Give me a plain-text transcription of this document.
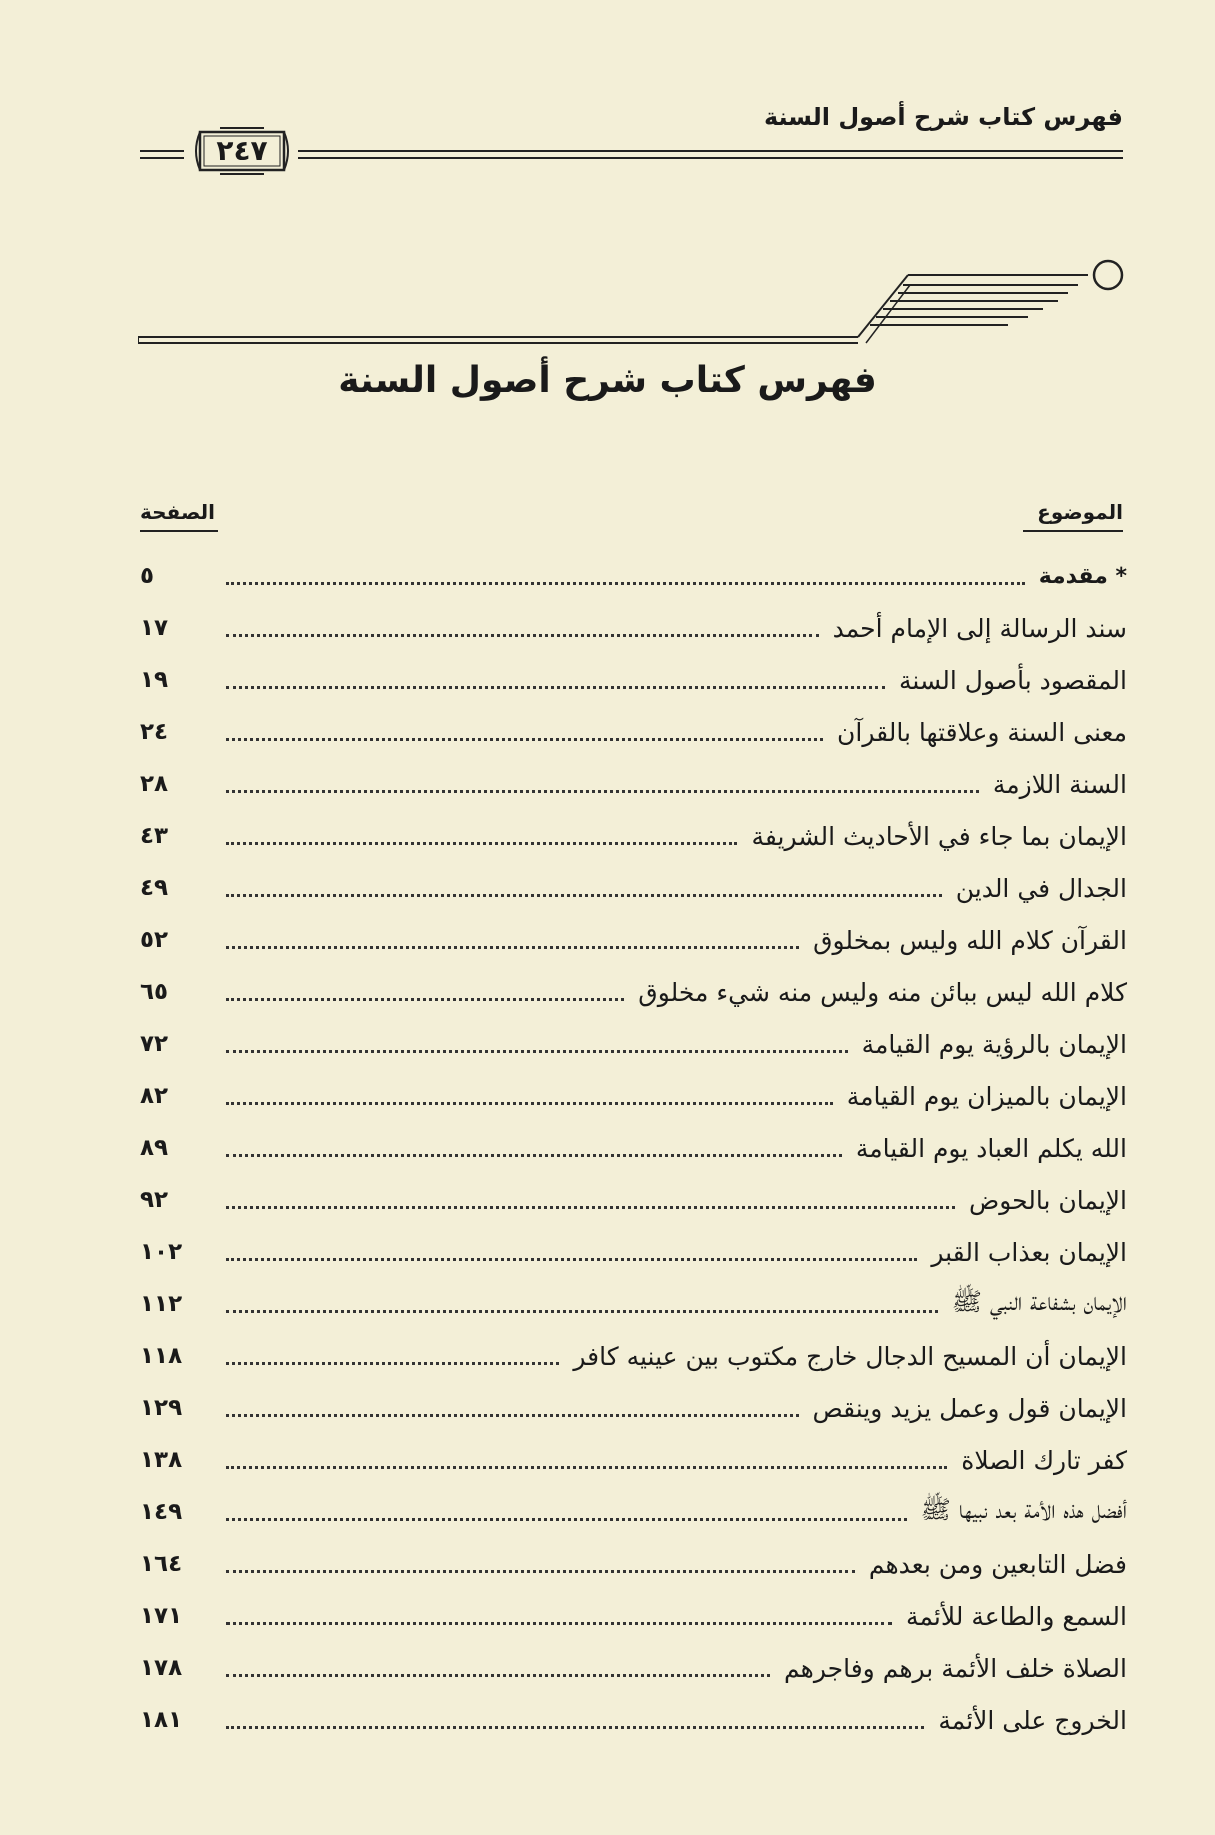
فهرس كتاب شرح أصول السنة
٢٤٧
فهرس كتاب شرح أصول السنة
الموضوع
الصفحة
* مقدمة
٥
سند الرسالة إلى الإمام أحمد
١٧
المقصود بأصول السنة
١٩
معنى السنة وعلاقتها بالقرآن
٢٤
السنة اللازمة
٢٨
الإيمان بما جاء في الأحاديث الشريفة
٤٣
الجدال في الدين
٤٩
القرآن كلام الله وليس بمخلوق
٥٢
كلام الله ليس ببائن منه وليس منه شيء مخلوق
٦٥
الإيمان بالرؤية يوم القيامة
٧٢
الإيمان بالميزان يوم القيامة
٨٢
الله يكلم العباد يوم القيامة
٨٩
الإيمان بالحوض
٩٢
الإيمان بعذاب القبر
١٠٢
الإيمان بشفاعة النبي ﷺ
١١٢
الإيمان أن المسيح الدجال خارج مكتوب بين عينيه كافر
١١٨
الإيمان قول وعمل يزيد وينقص
١٢٩
كفر تارك الصلاة
١٣٨
أفضل هذه الأمة بعد نبيها ﷺ
١٤٩
فضل التابعين ومن بعدهم
١٦٤
السمع والطاعة للأئمة
١٧١
الصلاة خلف الأئمة برهم وفاجرهم
١٧٨
الخروج على الأئمة
١٨١
